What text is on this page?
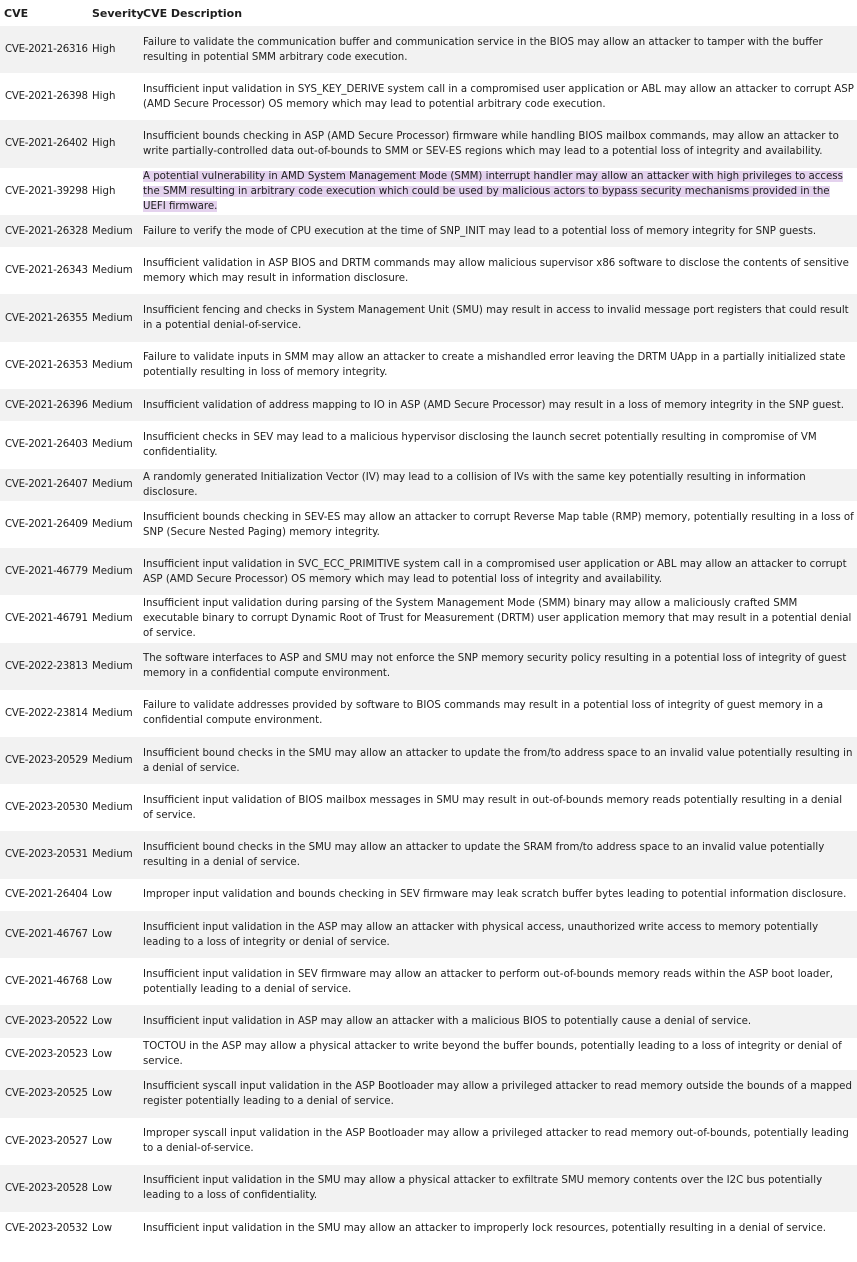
CVE	Severity	CVE Description
CVE-2021-26316	High	Failure to validate the communication buffer and communication service in the BIOS may allow an attacker to tamper with the buffer resulting in potential SMM arbitrary code execution.
CVE-2021-26398	High	Insufficient input validation in SYS_KEY_DERIVE system call in a compromised user application or ABL may allow an attacker to corrupt ASP (AMD Secure Processor) OS memory which may lead to potential arbitrary code execution.
CVE-2021-26402	High	Insufficient bounds checking in ASP (AMD Secure Processor) firmware while handling BIOS mailbox commands, may allow an attacker to write partially-controlled data out-of-bounds to SMM or SEV-ES regions which may lead to a potential loss of integrity and availability.
CVE-2021-39298	High	A potential vulnerability in AMD System Management Mode (SMM) interrupt handler may allow an attacker with high privileges to access the SMM resulting in arbitrary code execution which could be used by malicious actors to bypass security mechanisms provided in the UEFI firmware.
CVE-2021-26328	Medium	Failure to verify the mode of CPU execution at the time of SNP_INIT may lead to a potential loss of memory integrity for SNP guests.
CVE-2021-26343	Medium	Insufficient validation in ASP BIOS and DRTM commands may allow malicious supervisor x86 software to disclose the contents of sensitive memory which may result in information disclosure.
CVE-2021-26355	Medium	Insufficient fencing and checks in System Management Unit (SMU) may result in access to invalid message port registers that could result in a potential denial-of-service.
CVE-2021-26353	Medium	Failure to validate inputs in SMM may allow an attacker to create a mishandled error leaving the DRTM UApp in a partially initialized state potentially resulting in loss of memory integrity.
CVE-2021-26396	Medium	Insufficient validation of address mapping to IO in ASP (AMD Secure Processor) may result in a loss of memory integrity in the SNP guest.
CVE-2021-26403	Medium	Insufficient checks in SEV may lead to a malicious hypervisor disclosing the launch secret potentially resulting in compromise of VM confidentiality.
CVE-2021-26407	Medium	A randomly generated Initialization Vector (IV) may lead to a collision of IVs with the same key potentially resulting in information disclosure.
CVE-2021-26409	Medium	Insufficient bounds checking in SEV-ES may allow an attacker to corrupt Reverse Map table (RMP) memory, potentially resulting in a loss of SNP (Secure Nested Paging) memory integrity.
CVE-2021-46779	Medium	Insufficient input validation in SVC_ECC_PRIMITIVE system call in a compromised user application or ABL may allow an attacker to corrupt ASP (AMD Secure Processor) OS memory which may lead to potential loss of integrity and availability.
CVE-2021-46791	Medium	Insufficient input validation during parsing of the System Management Mode (SMM) binary may allow a maliciously crafted SMM executable binary to corrupt Dynamic Root of Trust for Measurement (DRTM) user application memory that may result in a potential denial of service.
CVE-2022-23813	Medium	The software interfaces to ASP and SMU may not enforce the SNP memory security policy resulting in a potential loss of integrity of guest memory in a confidential compute environment.
CVE-2022-23814	Medium	Failure to validate addresses provided by software to BIOS commands may result in a potential loss of integrity of guest memory in a confidential compute environment.
CVE-2023-20529	Medium	Insufficient bound checks in the SMU may allow an attacker to update the from/to address space to an invalid value potentially resulting in a denial of service.
CVE-2023-20530	Medium	Insufficient input validation of BIOS mailbox messages in SMU may result in out-of-bounds memory reads potentially resulting in a denial of service.
CVE-2023-20531	Medium	Insufficient bound checks in the SMU may allow an attacker to update the SRAM from/to address space to an invalid value potentially resulting in a denial of service.
CVE-2021-26404	Low	Improper input validation and bounds checking in SEV firmware may leak scratch buffer bytes leading to potential information disclosure.
CVE-2021-46767	Low	Insufficient input validation in the ASP may allow an attacker with physical access, unauthorized write access to memory potentially leading to a loss of integrity or denial of service.
CVE-2021-46768	Low	Insufficient input validation in SEV firmware may allow an attacker to perform out-of-bounds memory reads within the ASP boot loader, potentially leading to a denial of service.
CVE-2023-20522	Low	Insufficient input validation in ASP may allow an attacker with a malicious BIOS to potentially cause a denial of service.
CVE-2023-20523	Low	TOCTOU in the ASP may allow a physical attacker to write beyond the buffer bounds, potentially leading to a loss of integrity or denial of service.
CVE-2023-20525	Low	Insufficient syscall input validation in the ASP Bootloader may allow a privileged attacker to read memory outside the bounds of a mapped register potentially leading to a denial of service.
CVE-2023-20527	Low	Improper syscall input validation in the ASP Bootloader may allow a privileged attacker to read memory out-of-bounds, potentially leading to a denial-of-service.
CVE-2023-20528	Low	Insufficient input validation in the SMU may allow a physical attacker to exfiltrate SMU memory contents over the I2C bus potentially leading to a loss of confidentiality.
CVE-2023-20532	Low	Insufficient input validation in the SMU may allow an attacker to improperly lock resources, potentially resulting in a denial of service.
